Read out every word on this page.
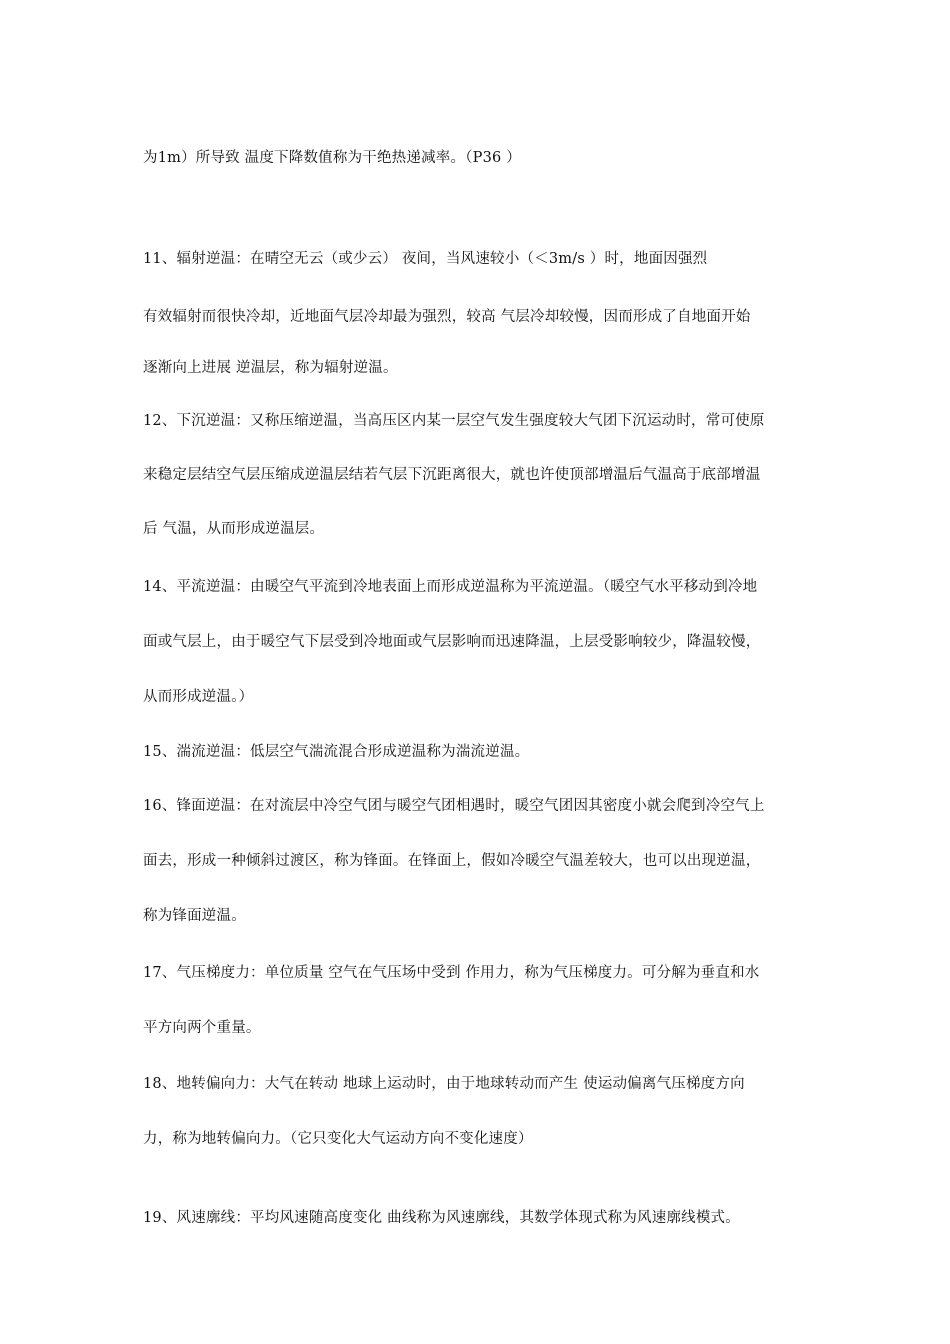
为1m）所导致 温度下降数值称为干绝热递减率。（P36 ）
11、辐射逆温：在晴空无云（或少云） 夜间，当风速较小（＜3m/s ）时，地面因强烈
有效辐射而很快冷却，近地面气层冷却最为强烈，较高 气层冷却较慢，因而形成了自地面开始
逐渐向上进展 逆温层，称为辐射逆温。
12、下沉逆温：又称压缩逆温，当高压区内某一层空气发生强度较大气团下沉运动时，常可使原
来稳定层结空气层压缩成逆温层结若气层下沉距离很大，就也许使顶部增温后气温高于底部增温
后 气温，从而形成逆温层。
14、平流逆温：由暖空气平流到冷地表面上而形成逆温称为平流逆温。（暖空气水平移动到冷地
面或气层上，由于暖空气下层受到冷地面或气层影响而迅速降温，上层受影响较少，降温较慢，
从而形成逆温。）
15、湍流逆温：低层空气湍流混合形成逆温称为湍流逆温。
16、锋面逆温：在对流层中冷空气团与暖空气团相遇时，暖空气团因其密度小就会爬到冷空气上
面去，形成一种倾斜过渡区，称为锋面。在锋面上，假如冷暖空气温差较大，也可以出现逆温，
称为锋面逆温。
17、气压梯度力：单位质量 空气在气压场中受到 作用力，称为气压梯度力。可分解为垂直和水
平方向两个重量。
18、地转偏向力：大气在转动 地球上运动时，由于地球转动而产生 使运动偏离气压梯度方向
力，称为地转偏向力。（它只变化大气运动方向不变化速度）
19、风速廓线：平均风速随高度变化 曲线称为风速廓线，其数学体现式称为风速廓线模式。
